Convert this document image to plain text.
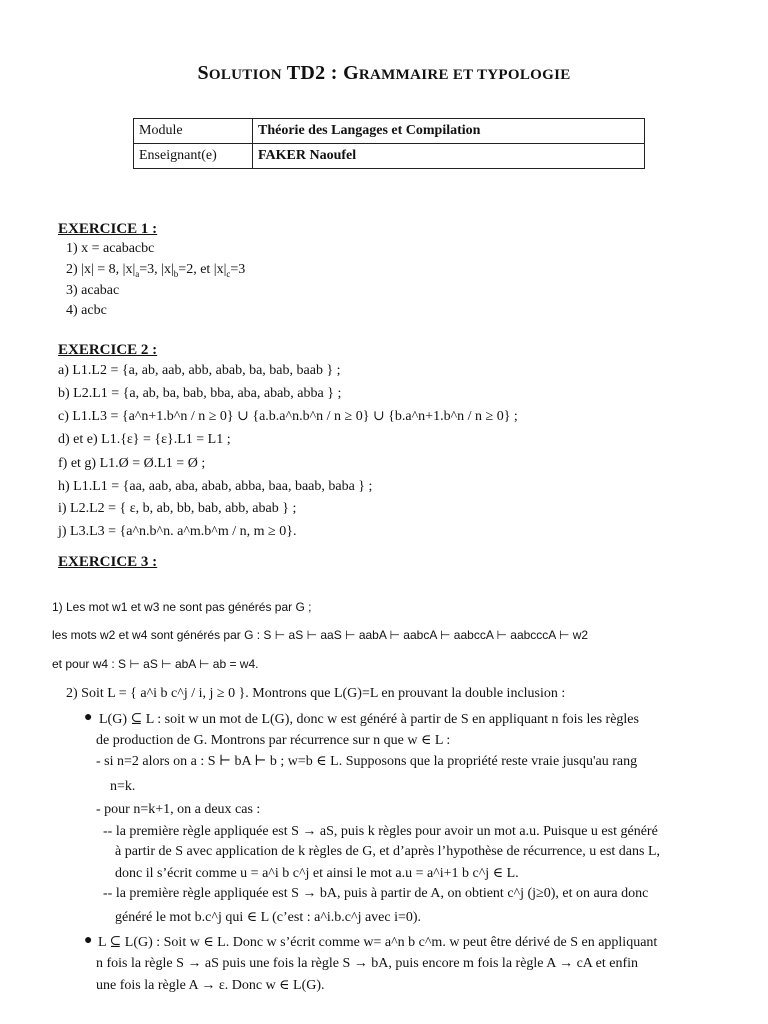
SOLUTION TD2 : GRAMMAIRE ET TYPOLOGIE
Module	Théorie des Langages et Compilation
Enseignant(e)	FAKER Naoufel
EXERCICE 1 :
1) x = acabacbc
2) |x| = 8, $|x|_a=3$, $|x|_b=2$, et $|x|_c=3$
3) acabac
4) acbc
EXERCICE 2 :
a) L1.L2 = {a, ab, aab, abb, abab, ba, bab, baab } ;
b) L2.L1 = {a, ab, ba, bab, bba, aba, abab, abba } ;
c) L1.L3 = {a^n+1.b^n / n ≥ 0} ∪ {a.b.a^n.b^n / n ≥ 0} ∪ {b.a^n+1.b^n / n ≥ 0} ;
d) et e) L1.{ε} = {ε}.L1 = L1 ;
f) et g) L1.Ø = Ø.L1 = Ø ;
h) L1.L1 = {aa, aab, aba, abab, abba, baa, baab, baba } ;
i) L2.L2 = { ε, b, ab, bb, bab, abb, abab } ;
j) L3.L3 = {a^n.b^n. a^m.b^m / n, m ≥ 0}.
EXERCICE 3 :
1) Les mot w1 et w3 ne sont pas générés par G ;
les mots w2 et w4 sont générés par G : S ⊢ aS ⊢ aaS ⊢ aabA ⊢ aabcA ⊢ aabccA ⊢ aabcccA ⊢ w2
et pour w4 : S ⊢ aS ⊢ abA ⊢ ab = w4.
2) Soit L = { a^i b c^j / i, j ≥ 0 }. Montrons que L(G)=L en prouvant la double inclusion :
● L(G) ⊆ L : soit w un mot de L(G), donc w est généré à partir de S en appliquant n fois les règles
de production de G. Montrons par récurrence sur n que w ∈ L :
- si n=2 alors on a : S ⊢ bA ⊢ b ; w=b ∈ L. Supposons que la propriété reste vraie jusqu'au rang
n=k.
- pour n=k+1, on a deux cas :
-- la première règle appliquée est S → aS, puis k règles pour avoir un mot a.u. Puisque u est généré
à partir de S avec application de k règles de G, et d’après l’hypothèse de récurrence, u est dans L,
donc il s’écrit comme u = a^i b c^j et ainsi le mot a.u = a^i+1 b c^j ∈ L.
-- la première règle appliquée est S → bA, puis à partir de A, on obtient c^j (j≥0), et on aura donc
généré le mot b.c^j qui ∈ L (c’est : a^i.b.c^j avec i=0).
● L ⊆ L(G) : Soit w ∈ L. Donc w s’écrit comme w= a^n b c^m. w peut être dérivé de S en appliquant
n fois la règle S → aS puis une fois la règle S → bA, puis encore m fois la règle A → cA et enfin
une fois la règle A → ε. Donc w ∈ L(G).
